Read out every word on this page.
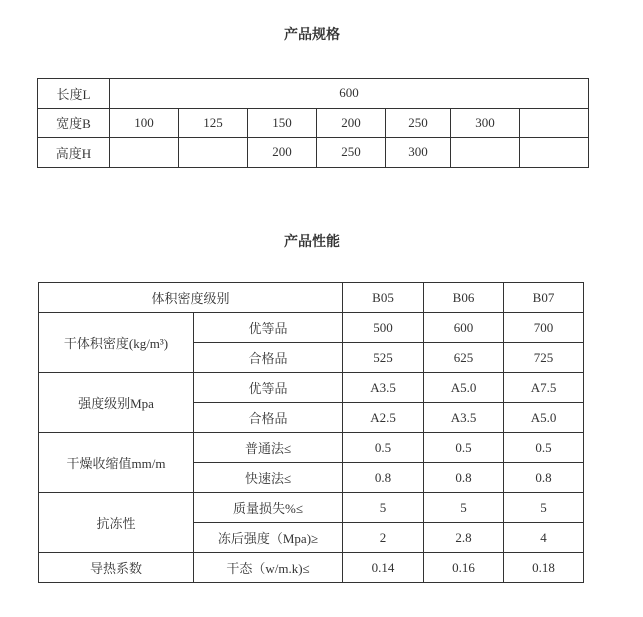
产品规格
长度L	600						
宽度B	100	125	150	200	250	300	
高度H			200	250	300		
产品性能
体积密度级别		B05	B06	B07
干体积密度(kg/m³)	优等品	500	600	700
	合格品	525	625	725
强度级别Mpa	优等品	A3.5	A5.0	A7.5
	合格品	A2.5	A3.5	A5.0
干燥收缩值mm/m	普通法≤	0.5	0.5	0.5
	快速法≤	0.8	0.8	0.8
抗冻性	质量损失%≤	5	5	5
	冻后强度（Mpa)≥	2	2.8	4
导热系数	干态（w/m.k)≤	0.14	0.16	0.18
